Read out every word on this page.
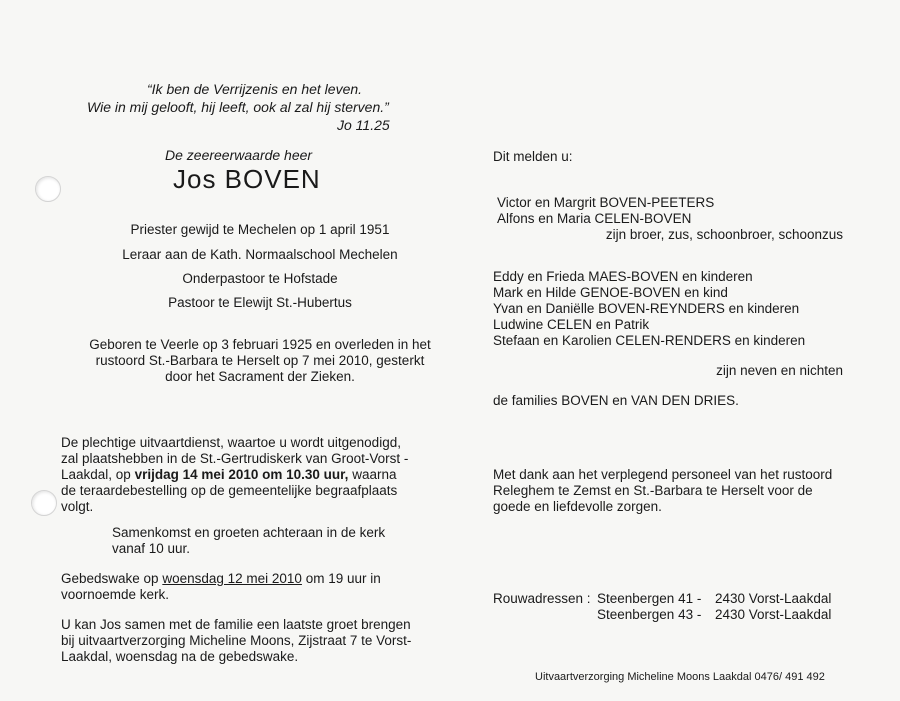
“Ik ben de Verrijzenis en het leven.

Wie in mij gelooft, hij leeft, ook al zal hij sterven.”

Jo 11.25

De zeereerwaarde heer

Jos BOVEN

Priester gewijd te Mechelen op 1 april 1951

Leraar aan de Kath. Normaalschool Mechelen

Onderpastoor te Hofstade

Pastoor te Elewijt St.-Hubertus

Geboren te Veerle op 3 februari 1925 en overleden in het

rustoord St.-Barbara te Herselt op 7 mei 2010, gesterkt

door het Sacrament der Zieken.

De plechtige uitvaartdienst, waartoe u wordt uitgenodigd,

zal plaatshebben in de St.-Gertrudiskerk van Groot-Vorst -

Laakdal, op vrijdag 14 mei 2010 om 10.30 uur, waarna

de teraardebestelling op de gemeentelijke begraafplaats

volgt.

Samenkomst en groeten achteraan in de kerk

vanaf 10 uur.

Gebedswake op woensdag 12 mei 2010 om 19 uur in

voornoemde kerk.

U kan Jos samen met de familie een laatste groet brengen

bij uitvaartverzorging Micheline Moons, Zijstraat 7 te Vorst-

Laakdal, woensdag na de gebedswake.

Dit melden u:

Victor en Margrit BOVEN-PEETERS

Alfons en Maria CELEN-BOVEN

zijn broer, zus, schoonbroer, schoonzus

Eddy en Frieda MAES-BOVEN en kinderen

Mark en Hilde GENOE-BOVEN en kind

Yvan en Daniëlle BOVEN-REYNDERS en kinderen

Ludwine CELEN en Patrik

Stefaan en Karolien CELEN-RENDERS en kinderen

zijn neven en nichten

de families BOVEN en VAN DEN DRIES.

Met dank aan het verplegend personeel van het rustoord

Releghem te Zemst en St.-Barbara te Herselt voor de

goede en liefdevolle zorgen.

Rouwadressen : Steenbergen 41 - 2430 Vorst-Laakdal

Steenbergen 43 - 2430 Vorst-Laakdal

Uitvaartverzorging Micheline Moons Laakdal 0476/ 491 492
